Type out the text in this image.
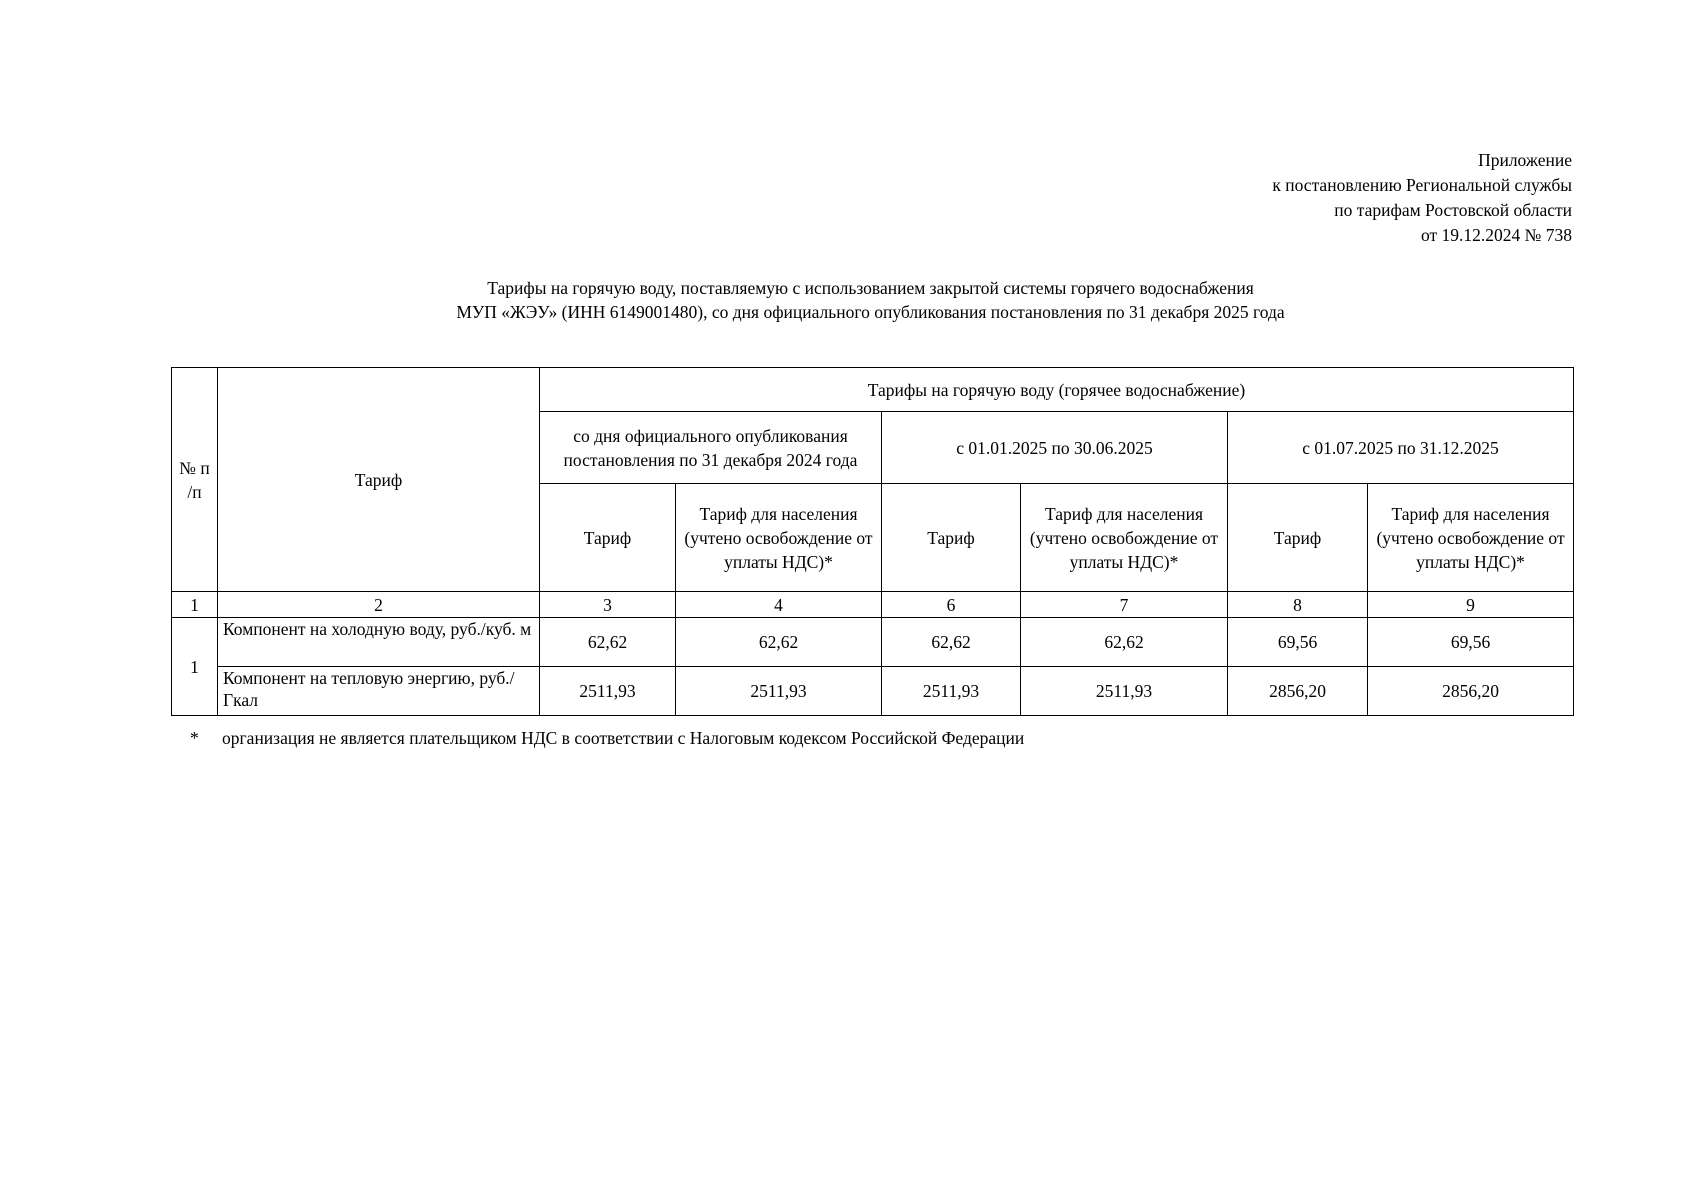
Приложение
к постановлению Региональной службы
по тарифам Ростовской области
от 19.12.2024 № 738
Тарифы на горячую воду, поставляемую с использованием закрытой системы горячего водоснабжения
МУП «ЖЭУ» (ИНН 6149001480), со дня официального опубликования постановления по 31 декабря 2025 года
№ п /п	Тариф	Тарифы на горячую воду (горячее водоснабжение)					
		со дня официального опубликования постановления по 31 декабря 2024 года		с 01.01.2025 по 30.06.2025		с 01.07.2025 по 31.12.2025	
		Тариф	Тариф для населения (учтено освобождение от уплаты НДС)*	Тариф	Тариф для населения (учтено освобождение от уплаты НДС)*	Тариф	Тариф для населения (учтено освобождение от уплаты НДС)*
1	2	3	4	6	7	8	9
1	Компонент на холодную воду, руб./куб. м	62,62	62,62	62,62	62,62	69,56	69,56
	Компонент на тепловую энергию, руб./Гкал	2511,93	2511,93	2511,93	2511,93	2856,20	2856,20
* организация не является плательщиком НДС в соответствии с Налоговым кодексом Российской Федерации
